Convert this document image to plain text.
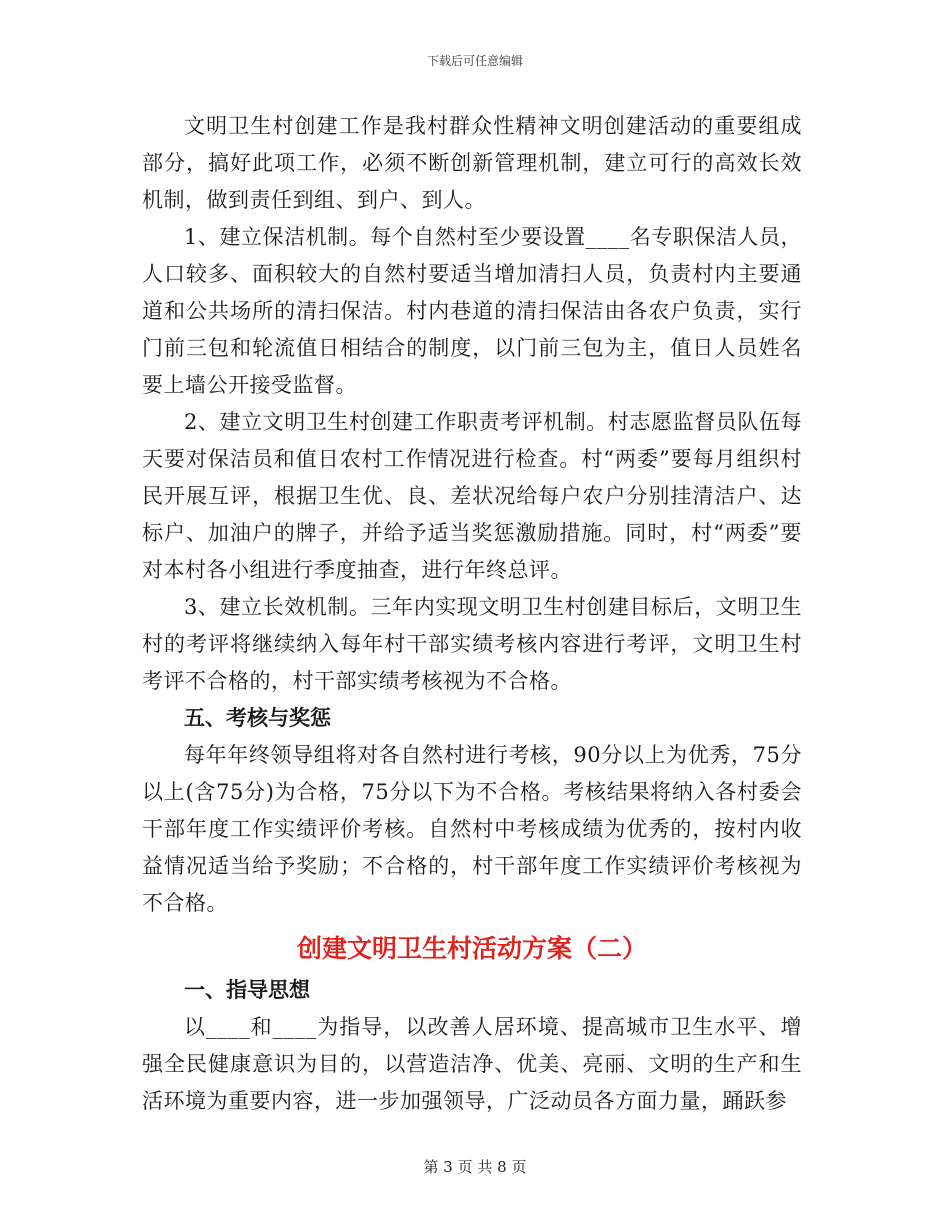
下载后可任意编辑

文明卫生村创建工作是我村群众性精神文明创建活动的重要组成部分，搞好此项工作，必须不断创新管理机制，建立可行的高效长效机制，做到责任到组、到户、到人。

1、建立保洁机制。每个自然村至少要设置____名专职保洁人员，人口较多、面积较大的自然村要适当增加清扫人员，负责村内主要通道和公共场所的清扫保洁。村内巷道的清扫保洁由各农户负责，实行门前三包和轮流值日相结合的制度，以门前三包为主，值日人员姓名要上墙公开接受监督。

2、建立文明卫生村创建工作职责考评机制。村志愿监督员队伍每天要对保洁员和值日农村工作情况进行检查。村“两委”要每月组织村民开展互评，根据卫生优、良、差状况给每户农户分别挂清洁户、达标户、加油户的牌子，并给予适当奖惩激励措施。同时，村“两委”要对本村各小组进行季度抽查，进行年终总评。

3、建立长效机制。三年内实现文明卫生村创建目标后，文明卫生村的考评将继续纳入每年村干部实绩考核内容进行考评，文明卫生村考评不合格的，村干部实绩考核视为不合格。

五、考核与奖惩

每年年终领导组将对各自然村进行考核，90分以上为优秀，75分以上(含75分)为合格，75分以下为不合格。考核结果将纳入各村委会干部年度工作实绩评价考核。自然村中考核成绩为优秀的，按村内收益情况适当给予奖励；不合格的，村干部年度工作实绩评价考核视为不合格。

创建文明卫生村活动方案（二）

一、指导思想

以____和____为指导，以改善人居环境、提高城市卫生水平、增强全民健康意识为目的，以营造洁净、优美、亮丽、文明的生产和生活环境为重要内容，进一步加强领导，广泛动员各方面力量，踊跃参

第 3 页 共 8 页
